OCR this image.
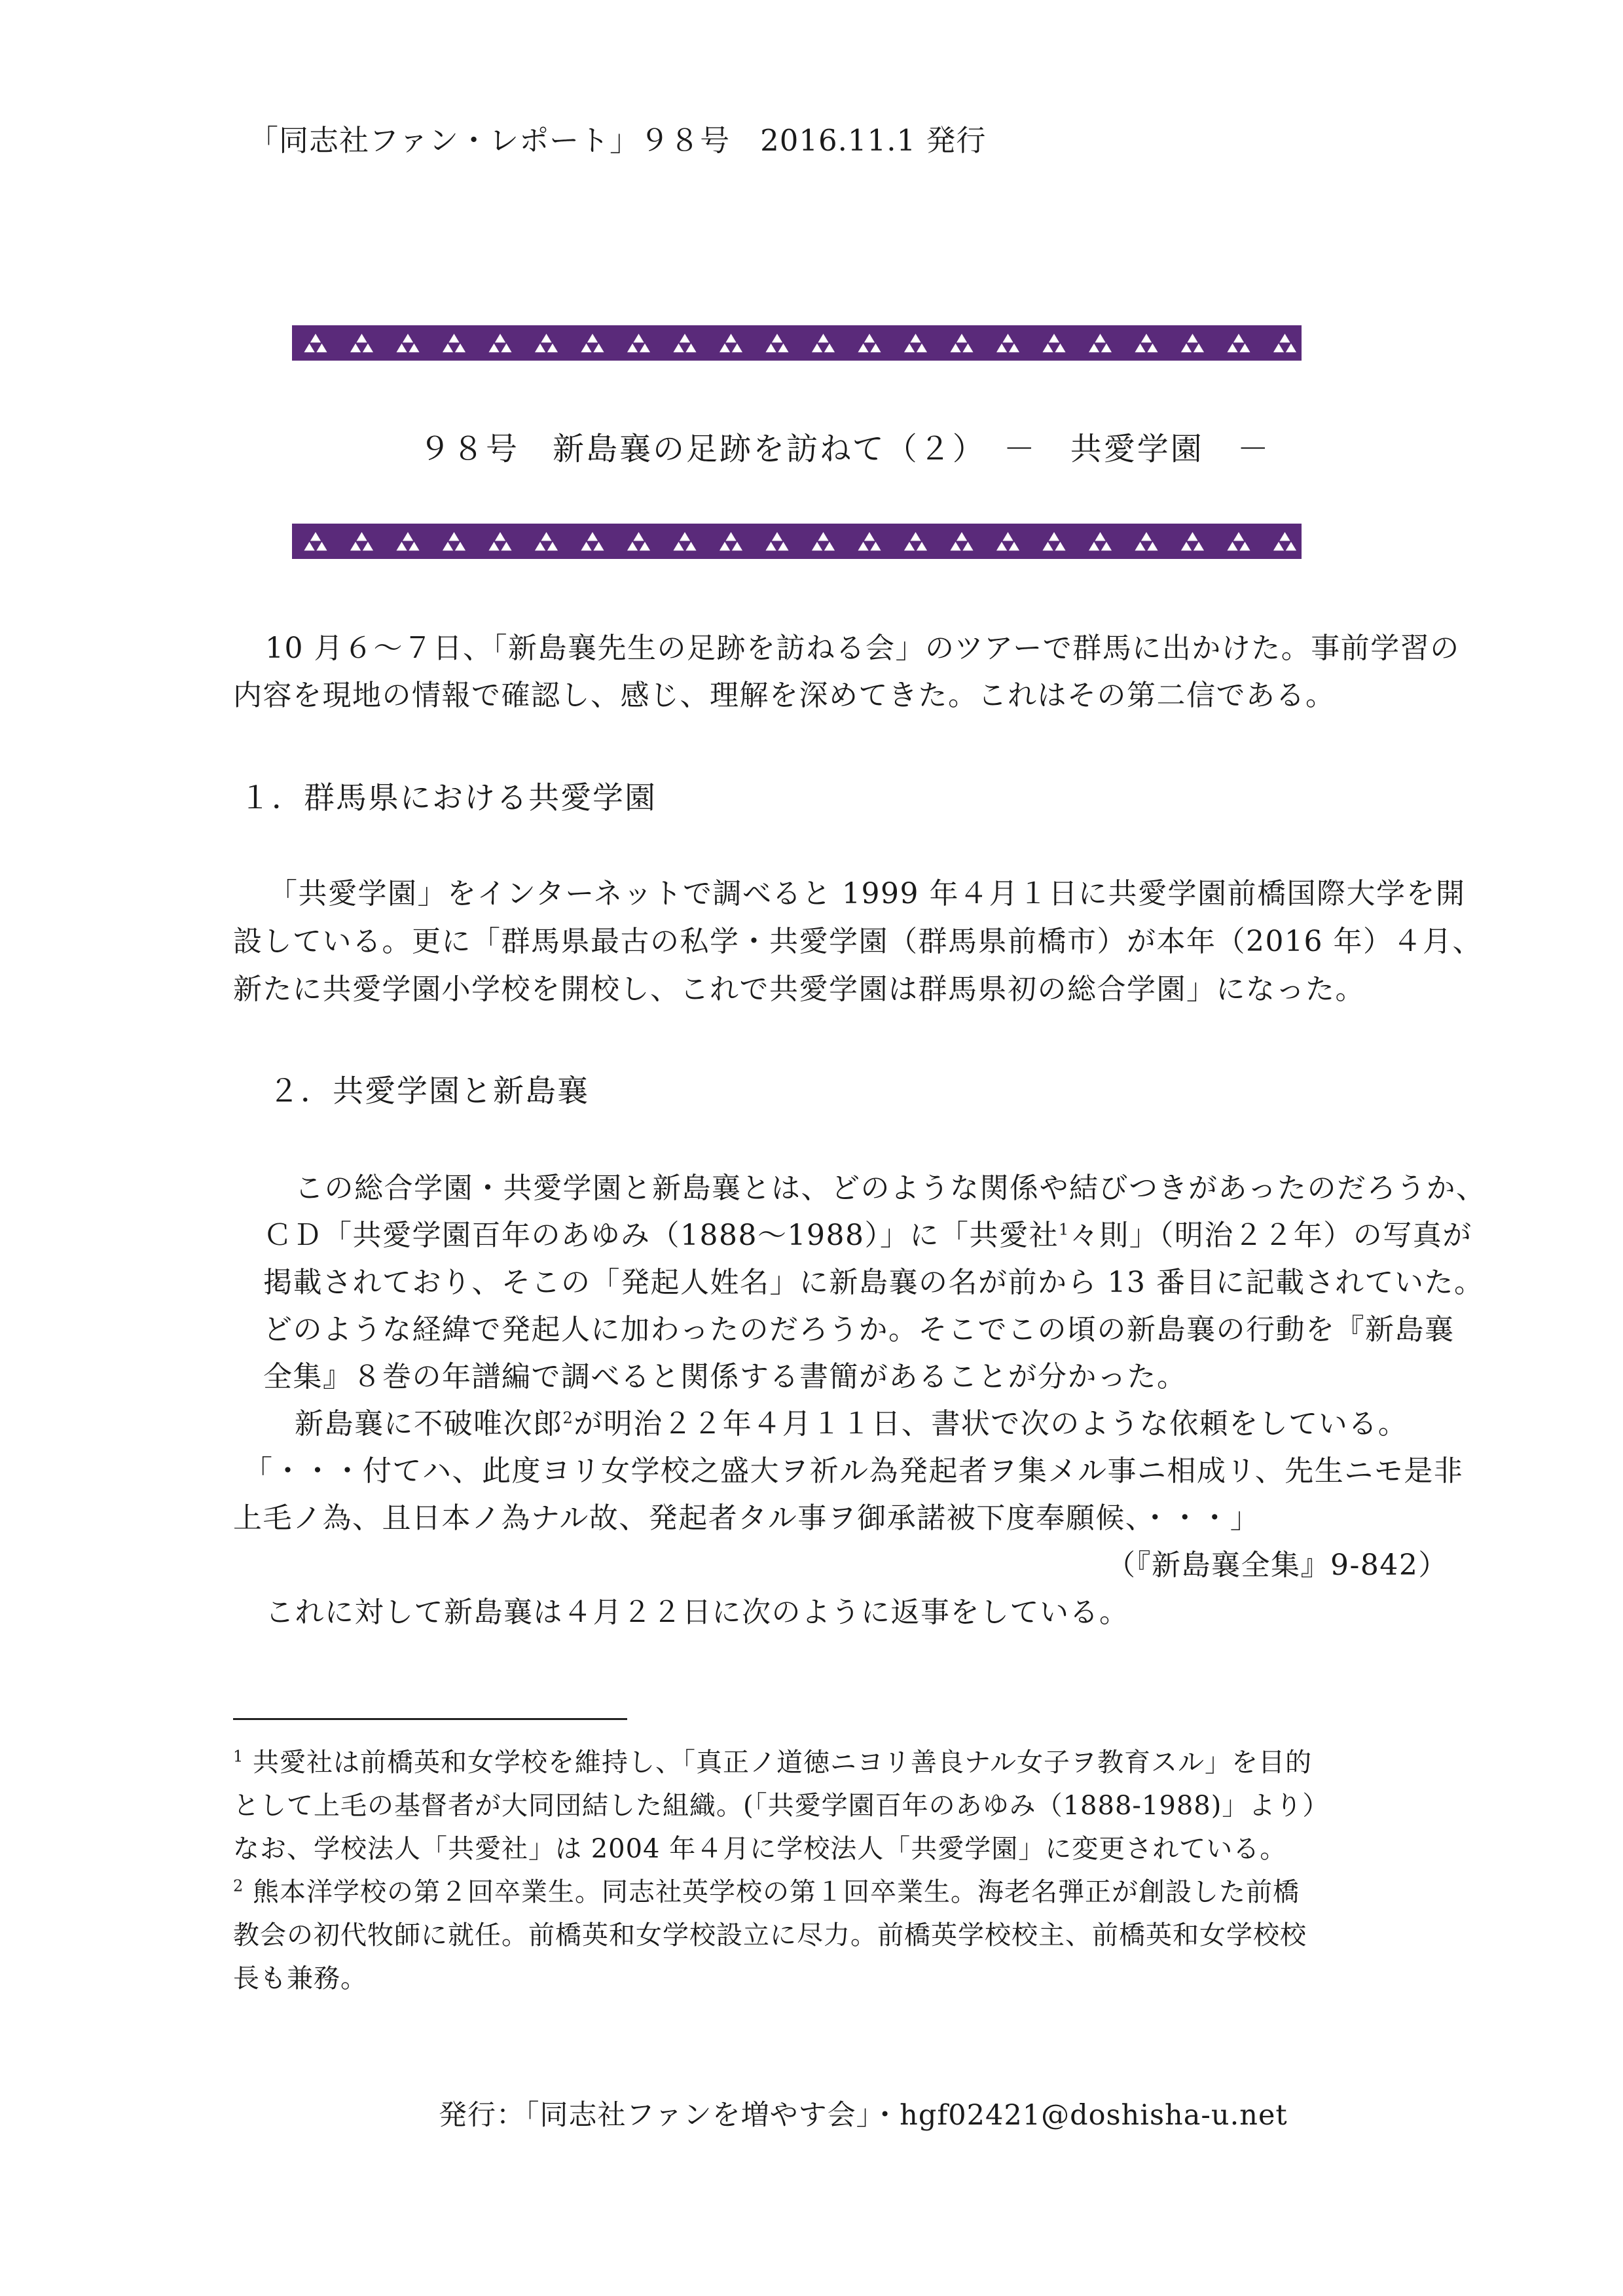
「同志社ファン・レポート」９８号　2016.11.1 発行
９８号　新島襄の足跡を訪ねて（２）　－　共愛学園　－
10 月６～７日、「新島襄先生の足跡を訪ねる会」のツアーで群馬に出かけた。事前学習の
内容を現地の情報で確認し、感じ、理解を深めてきた。これはその第二信である。
１．群馬県における共愛学園
「共愛学園」をインターネットで調べると 1999 年４月１日に共愛学園前橋国際大学を開
設している。更に「群馬県最古の私学・共愛学園（群馬県前橋市）が本年（2016 年）４月、
新たに共愛学園小学校を開校し、これで共愛学園は群馬県初の総合学園」になった。
２．共愛学園と新島襄
この総合学園・共愛学園と新島襄とは、どのような関係や結びつきがあったのだろうか、
ＣＤ「共愛学園百年のあゆみ（1888～1988）」に「共愛社$^1$々則」（明治２２年）の写真が
掲載されており、そこの「発起人姓名」に新島襄の名が前から 13 番目に記載されていた。
どのような経緯で発起人に加わったのだろうか。そこでこの頃の新島襄の行動を『新島襄
全集』８巻の年譜編で調べると関係する書簡があることが分かった。
新島襄に不破唯次郎$^2$が明治２２年４月１１日、書状で次のような依頼をしている。
「・・・付てハ、此度ヨリ女学校之盛大ヲ祈ル為発起者ヲ集メル事ニ相成リ、先生ニモ是非
上毛ノ為、且日本ノ為ナル故、発起者タル事ヲ御承諾被下度奉願候、・・・」
（『新島襄全集』9-842）
これに対して新島襄は４月２２日に次のように返事をしている。
$^1$ 共愛社は前橋英和女学校を維持し、「真正ノ道徳ニヨリ善良ナル女子ヲ教育スル」を目的
として上毛の基督者が大同団結した組織。(「共愛学園百年のあゆみ（1888-1988)」より）
なお、学校法人「共愛社」は 2004 年４月に学校法人「共愛学園」に変更されている。
$^2$ 熊本洋学校の第２回卒業生。同志社英学校の第１回卒業生。海老名弾正が創設した前橋
教会の初代牧師に就任。前橋英和女学校設立に尽力。前橋英学校校主、前橋英和女学校校
長も兼務。
発行：「同志社ファンを増やす会」・hgf02421@doshisha-u.net
